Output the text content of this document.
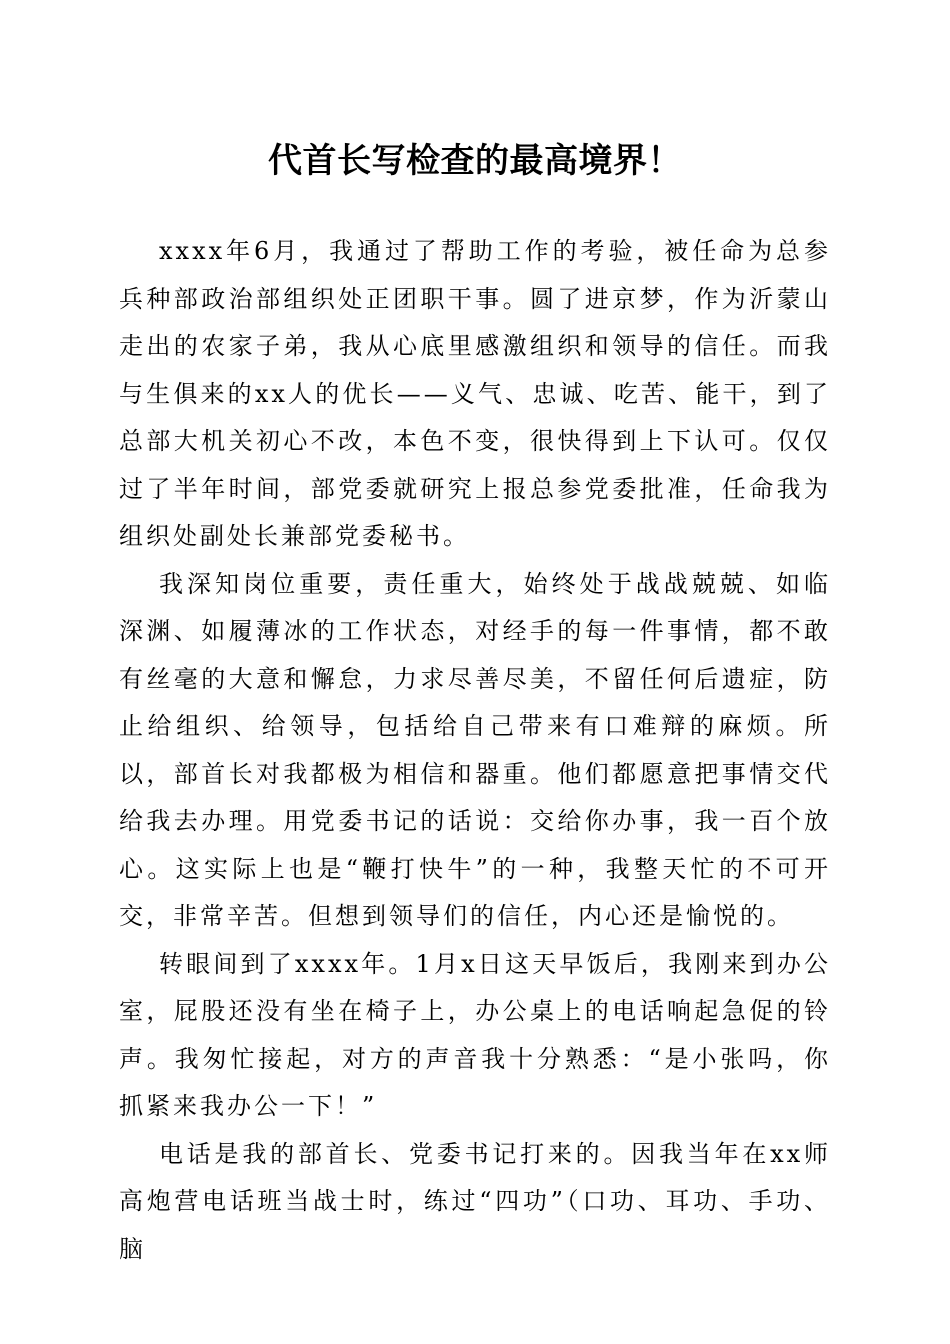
代首长写检查的最高境界！

xxxx年6月，我通过了帮助工作的考验，被任命为总参兵种部政治部组织处正团职干事。圆了进京梦，作为沂蒙山走出的农家子弟，我从心底里感激组织和领导的信任。而我与生俱来的xx人的优长——义气、忠诚、吃苦、能干，到了总部大机关初心不改，本色不变，很快得到上下认可。仅仅过了半年时间，部党委就研究上报总参党委批准，任命我为组织处副处长兼部党委秘书。

我深知岗位重要，责任重大，始终处于战战兢兢、如临深渊、如履薄冰的工作状态，对经手的每一件事情，都不敢有丝毫的大意和懈怠，力求尽善尽美，不留任何后遗症，防止给组织、给领导，包括给自己带来有口难辩的麻烦。所以，部首长对我都极为相信和器重。他们都愿意把事情交代给我去办理。用党委书记的话说：交给你办事，我一百个放心。这实际上也是“鞭打快牛”的一种，我整天忙的不可开交，非常辛苦。但想到领导们的信任，内心还是愉悦的。

转眼间到了xxxx年。1月x日这天早饭后，我刚来到办公室，屁股还没有坐在椅子上，办公桌上的电话响起急促的铃声。我匆忙接起，对方的声音我十分熟悉：“是小张吗，你抓紧来我办公一下！”

电话是我的部首长、党委书记打来的。因我当年在xx师高炮营电话班当战士时，练过“四功”（口功、耳功、手功、脑
